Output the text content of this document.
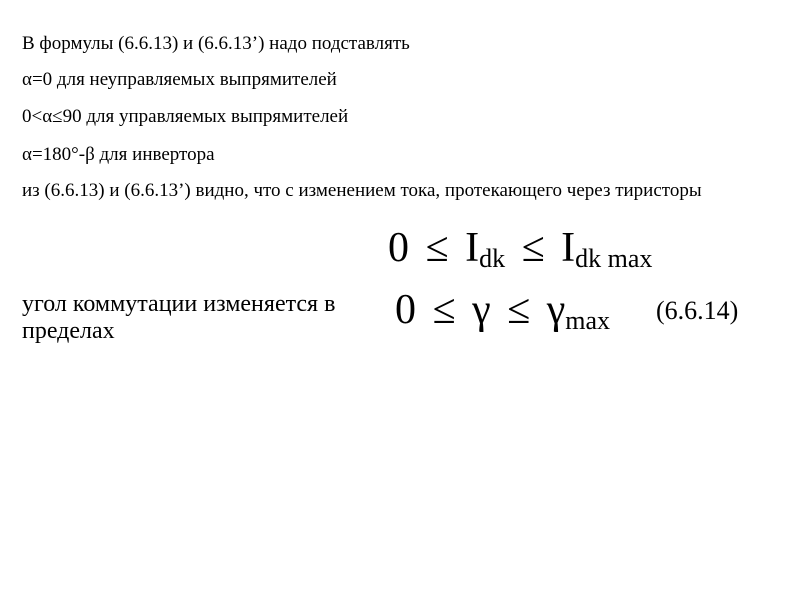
В формулы (6.6.13) и (6.6.13’) надо подставлять
α=0 для неуправляемых выпрямителей
0<α≤90 для управляемых выпрямителей
α=180°-β для инвертора
из (6.6.13) и (6.6.13’) видно, что с изменением тока, протекающего через тиристоры
$0 \le I_{dk} \le I_{dk max}$
угол коммутации изменяется в пределах	$0 \le \gamma \le \gamma_{max}$ (6.6.14)
